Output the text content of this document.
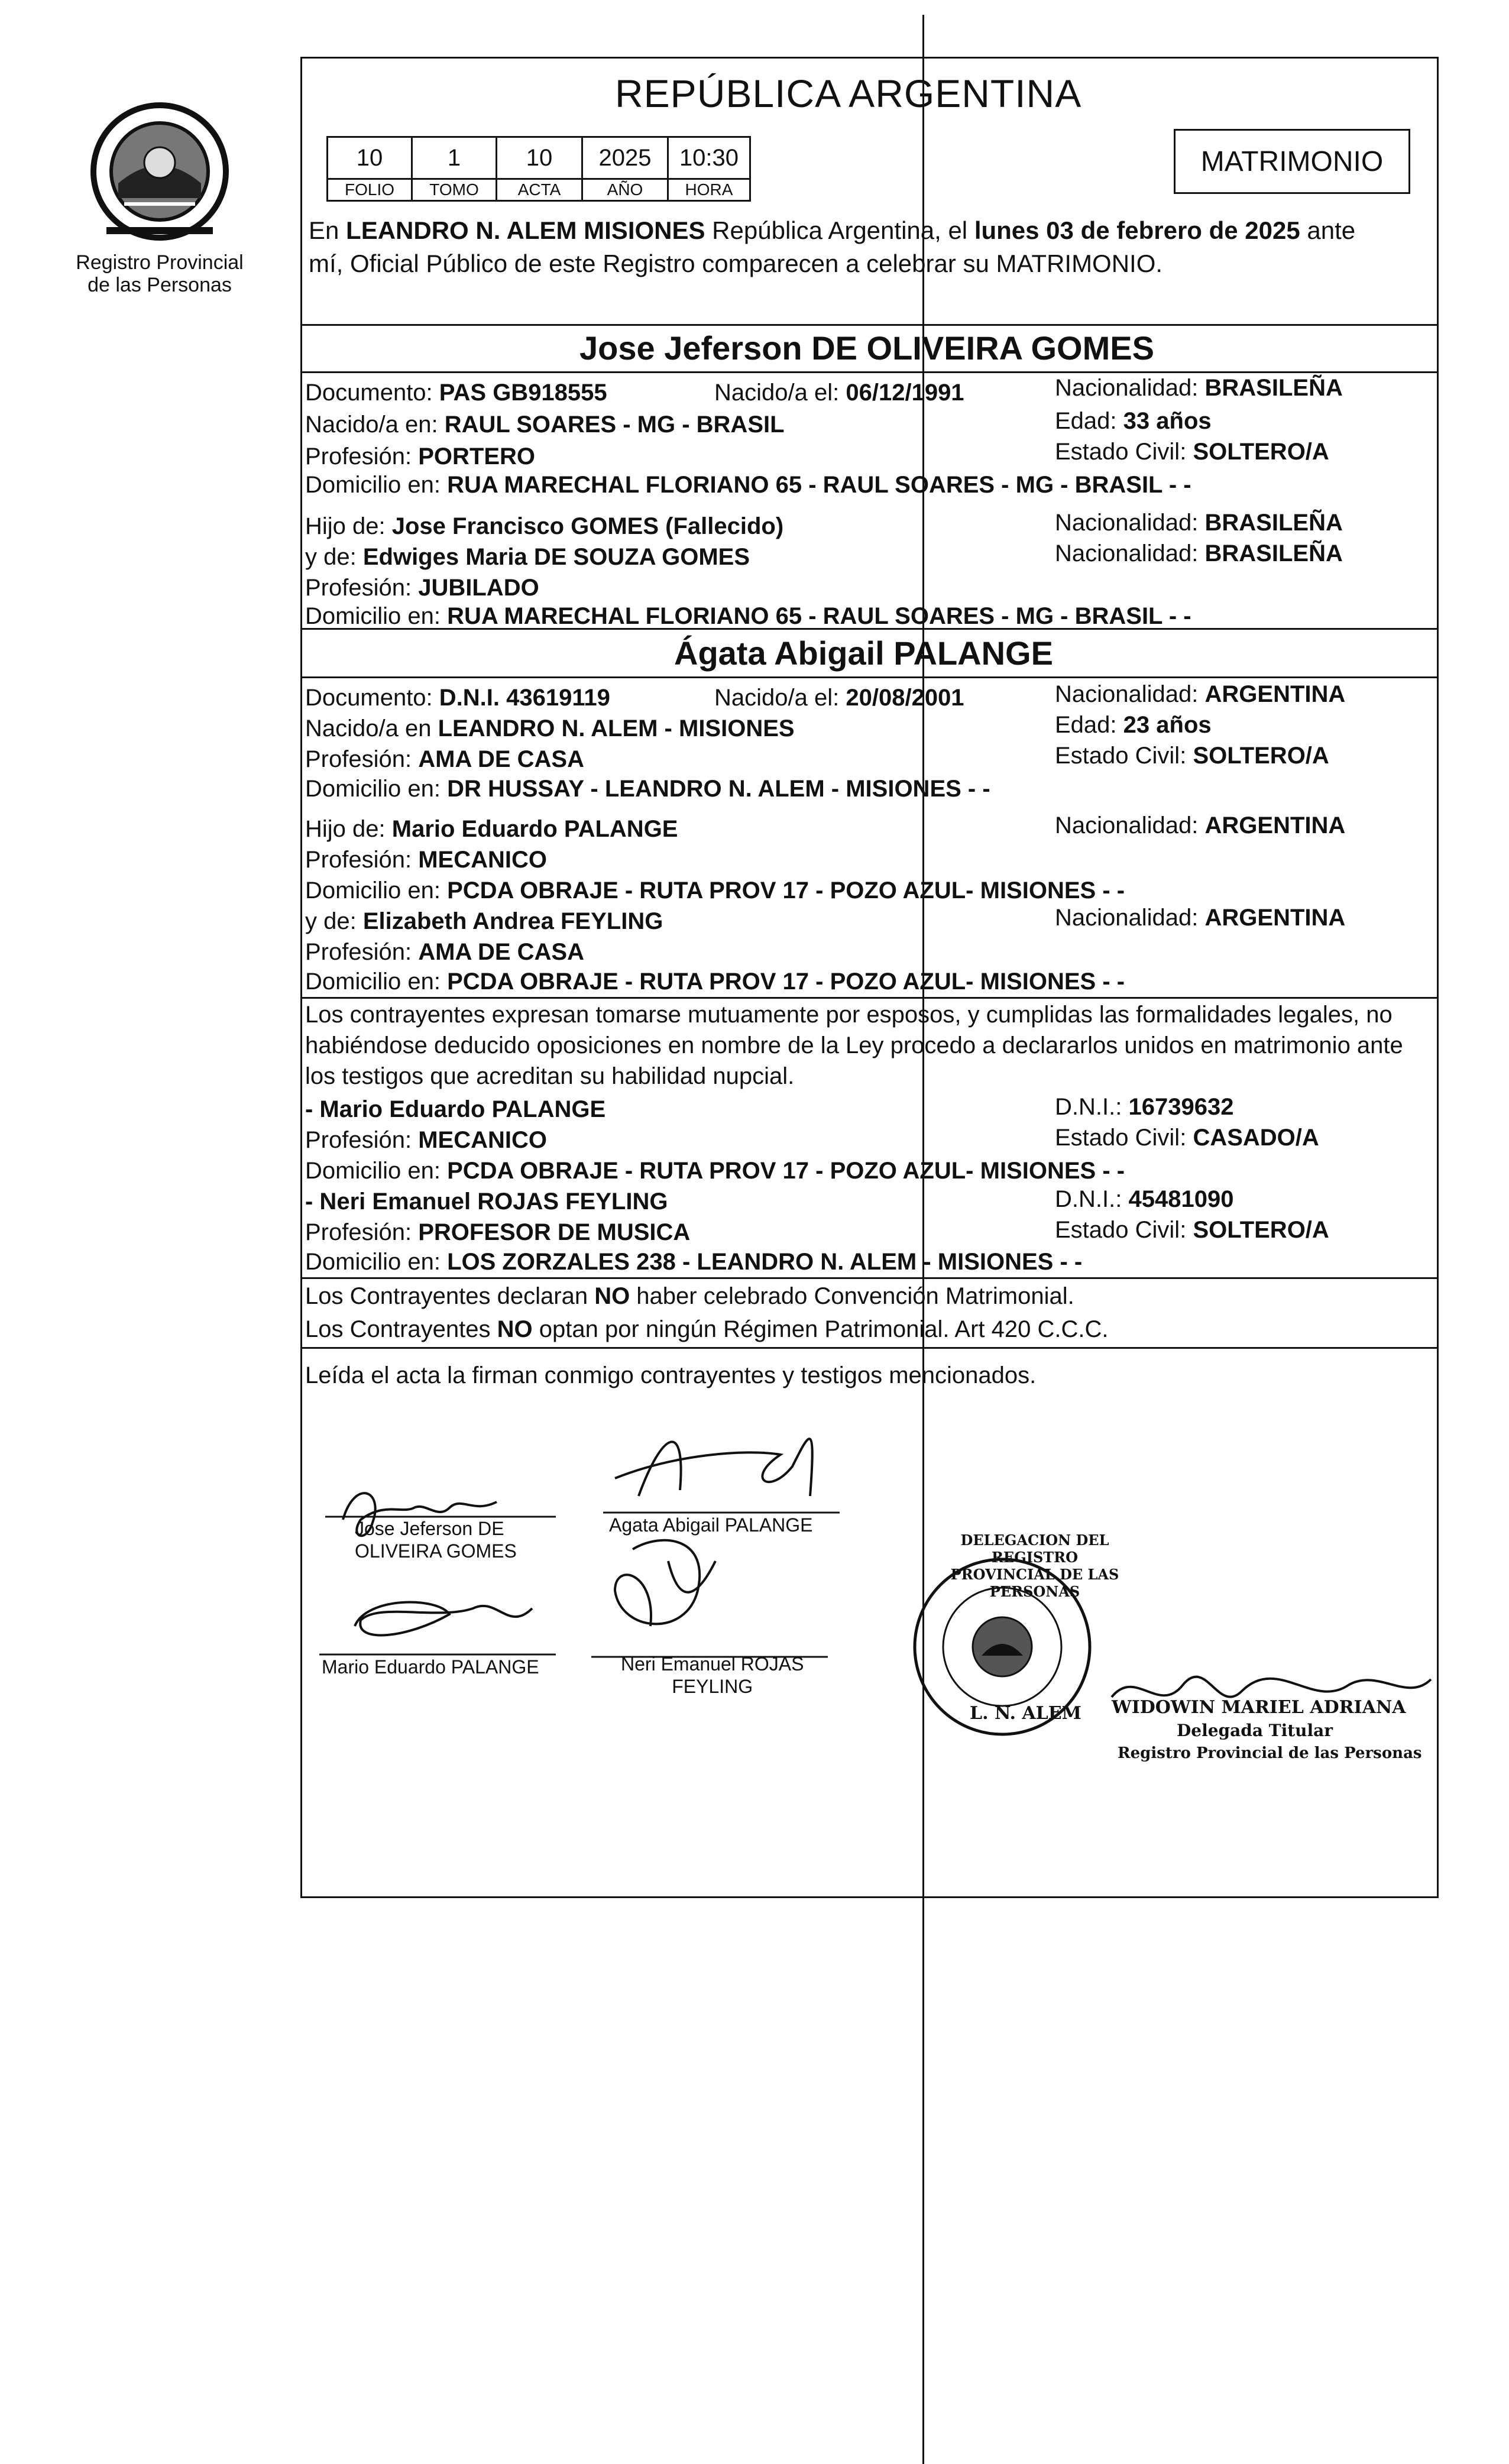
Registro Provincial
de las Personas
REPÚBLICA ARGENTINA
10	1	10	2025	10:30
FOLIO	TOMO	ACTA	AÑO	HORA
MATRIMONIO
En LEANDRO N. ALEM MISIONES República Argentina, el lunes 03 de febrero de 2025 ante
mí, Oficial Público de este Registro comparecen a celebrar su MATRIMONIO.
Jose Jeferson DE OLIVEIRA GOMES
Documento: PAS GB918555	Nacido/a el: 06/12/1991	Nacionalidad: BRASILEÑA
Nacido/a en: RAUL SOARES - MG - BRASIL	Edad: 33 años
Profesión: PORTERO	Estado Civil: SOLTERO/A
Domicilio en: RUA MARECHAL FLORIANO 65 - RAUL SOARES - MG - BRASIL - -
Hijo de: Jose Francisco GOMES (Fallecido)	Nacionalidad: BRASILEÑA
y de: Edwiges Maria DE SOUZA GOMES	Nacionalidad: BRASILEÑA
Profesión: JUBILADO
Domicilio en: RUA MARECHAL FLORIANO 65 - RAUL SOARES - MG - BRASIL - -
Ágata Abigail PALANGE
Documento: D.N.I. 43619119	Nacido/a el: 20/08/2001	Nacionalidad: ARGENTINA
Nacido/a en LEANDRO N. ALEM - MISIONES	Edad: 23 años
Profesión: AMA DE CASA	Estado Civil: SOLTERO/A
Domicilio en: DR HUSSAY - LEANDRO N. ALEM - MISIONES - -
Hijo de: Mario Eduardo PALANGE	Nacionalidad: ARGENTINA
Profesión: MECANICO
Domicilio en: PCDA OBRAJE - RUTA PROV 17 - POZO AZUL- MISIONES - -
y de: Elizabeth Andrea FEYLING	Nacionalidad: ARGENTINA
Profesión: AMA DE CASA
Domicilio en: PCDA OBRAJE - RUTA PROV 17 - POZO AZUL- MISIONES - -
Los contrayentes expresan tomarse mutuamente por esposos, y cumplidas las formalidades legales, no
habiéndose deducido oposiciones en nombre de la Ley procedo a declararlos unidos en matrimonio ante
los testigos que acreditan su habilidad nupcial.
- Mario Eduardo PALANGE	D.N.I.: 16739632
Profesión: MECANICO	Estado Civil: CASADO/A
Domicilio en: PCDA OBRAJE - RUTA PROV 17 - POZO AZUL- MISIONES - -
- Neri Emanuel ROJAS FEYLING	D.N.I.: 45481090
Profesión: PROFESOR DE MUSICA	Estado Civil: SOLTERO/A
Domicilio en: LOS ZORZALES 238 - LEANDRO N. ALEM - MISIONES - -
Los Contrayentes declaran NO haber celebrado Convención Matrimonial.
Los Contrayentes NO optan por ningún Régimen Patrimonial. Art 420 C.C.C.
Leída el acta la firman conmigo contrayentes y testigos mencionados.
Jose Jeferson DE
OLIVEIRA GOMES
Agata Abigail PALANGE
Mario Eduardo PALANGE	Neri Emanuel ROJAS
FEYLING
L. N. ALEM
DELEGACION DEL REGISTRO PROVINCIAL DE LAS PERSONAS
WIDOWIN MARIEL ADRIANA
Delegada Titular
Registro Provincial de las Personas
